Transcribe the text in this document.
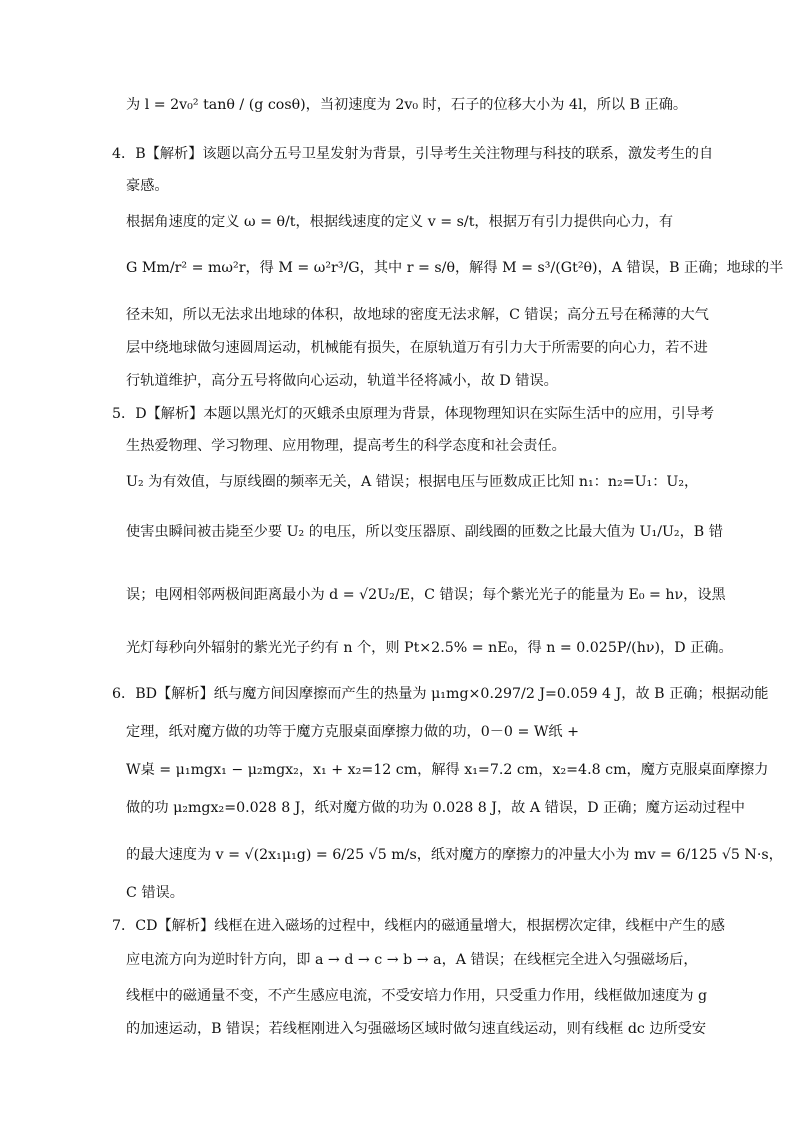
为 l = 2v₀² tanθ / (g cosθ)，当初速度为 2v₀ 时，石子的位移大小为 4l，所以 B 正确。
4．B【解析】该题以高分五号卫星发射为背景，引导考生关注物理与科技的联系，激发考生的自
豪感。
根据角速度的定义 ω = θ/t，根据线速度的定义 v = s/t，根据万有引力提供向心力，有
G Mm/r² = mω²r，得 M = ω²r³/G，其中 r = s/θ，解得 M = s³/(Gt²θ)，A 错误，B 正确；地球的半
径未知，所以无法求出地球的体积，故地球的密度无法求解，C 错误；高分五号在稀薄的大气
层中绕地球做匀速圆周运动，机械能有损失，在原轨道万有引力大于所需要的向心力，若不进
行轨道维护，高分五号将做向心运动，轨道半径将减小，故 D 错误。
5．D【解析】本题以黑光灯的灭蛾杀虫原理为背景，体现物理知识在实际生活中的应用，引导考
生热爱物理、学习物理、应用物理，提高考生的科学态度和社会责任。
U₂ 为有效值，与原线圈的频率无关，A 错误；根据电压与匝数成正比知 n₁：n₂=U₁：U₂，
使害虫瞬间被击毙至少要 U₂ 的电压，所以变压器原、副线圈的匝数之比最大值为 U₁/U₂，B 错
误；电网相邻两极间距离最小为 d = √2U₂/E，C 错误；每个紫光光子的能量为 E₀ = hν，设黑
光灯每秒向外辐射的紫光光子约有 n 个，则 Pt×2.5% = nE₀，得 n = 0.025P/(hν)，D 正确。
6．BD【解析】纸与魔方间因摩擦而产生的热量为 μ₁mg×0.297/2 J=0.059 4 J，故 B 正确；根据动能
定理，纸对魔方做的功等于魔方克服桌面摩擦力做的功，0－0 = W纸 +
W桌 = μ₁mgx₁ − μ₂mgx₂，x₁ + x₂=12 cm，解得 x₁=7.2 cm，x₂=4.8 cm，魔方克服桌面摩擦力
做的功 μ₂mgx₂=0.028 8 J，纸对魔方做的功为 0.028 8 J，故 A 错误，D 正确；魔方运动过程中
的最大速度为 v = √(2x₁μ₁g) = 6/25 √5 m/s，纸对魔方的摩擦力的冲量大小为 mv = 6/125 √5 N·s，
C 错误。
7．CD【解析】线框在进入磁场的过程中，线框内的磁通量增大，根据楞次定律，线框中产生的感
应电流方向为逆时针方向，即 a → d → c → b → a，A 错误；在线框完全进入匀强磁场后，
线框中的磁通量不变，不产生感应电流，不受安培力作用，只受重力作用，线框做加速度为 g
的加速运动，B 错误；若线框刚进入匀强磁场区域时做匀速直线运动，则有线框 dc 边所受安
